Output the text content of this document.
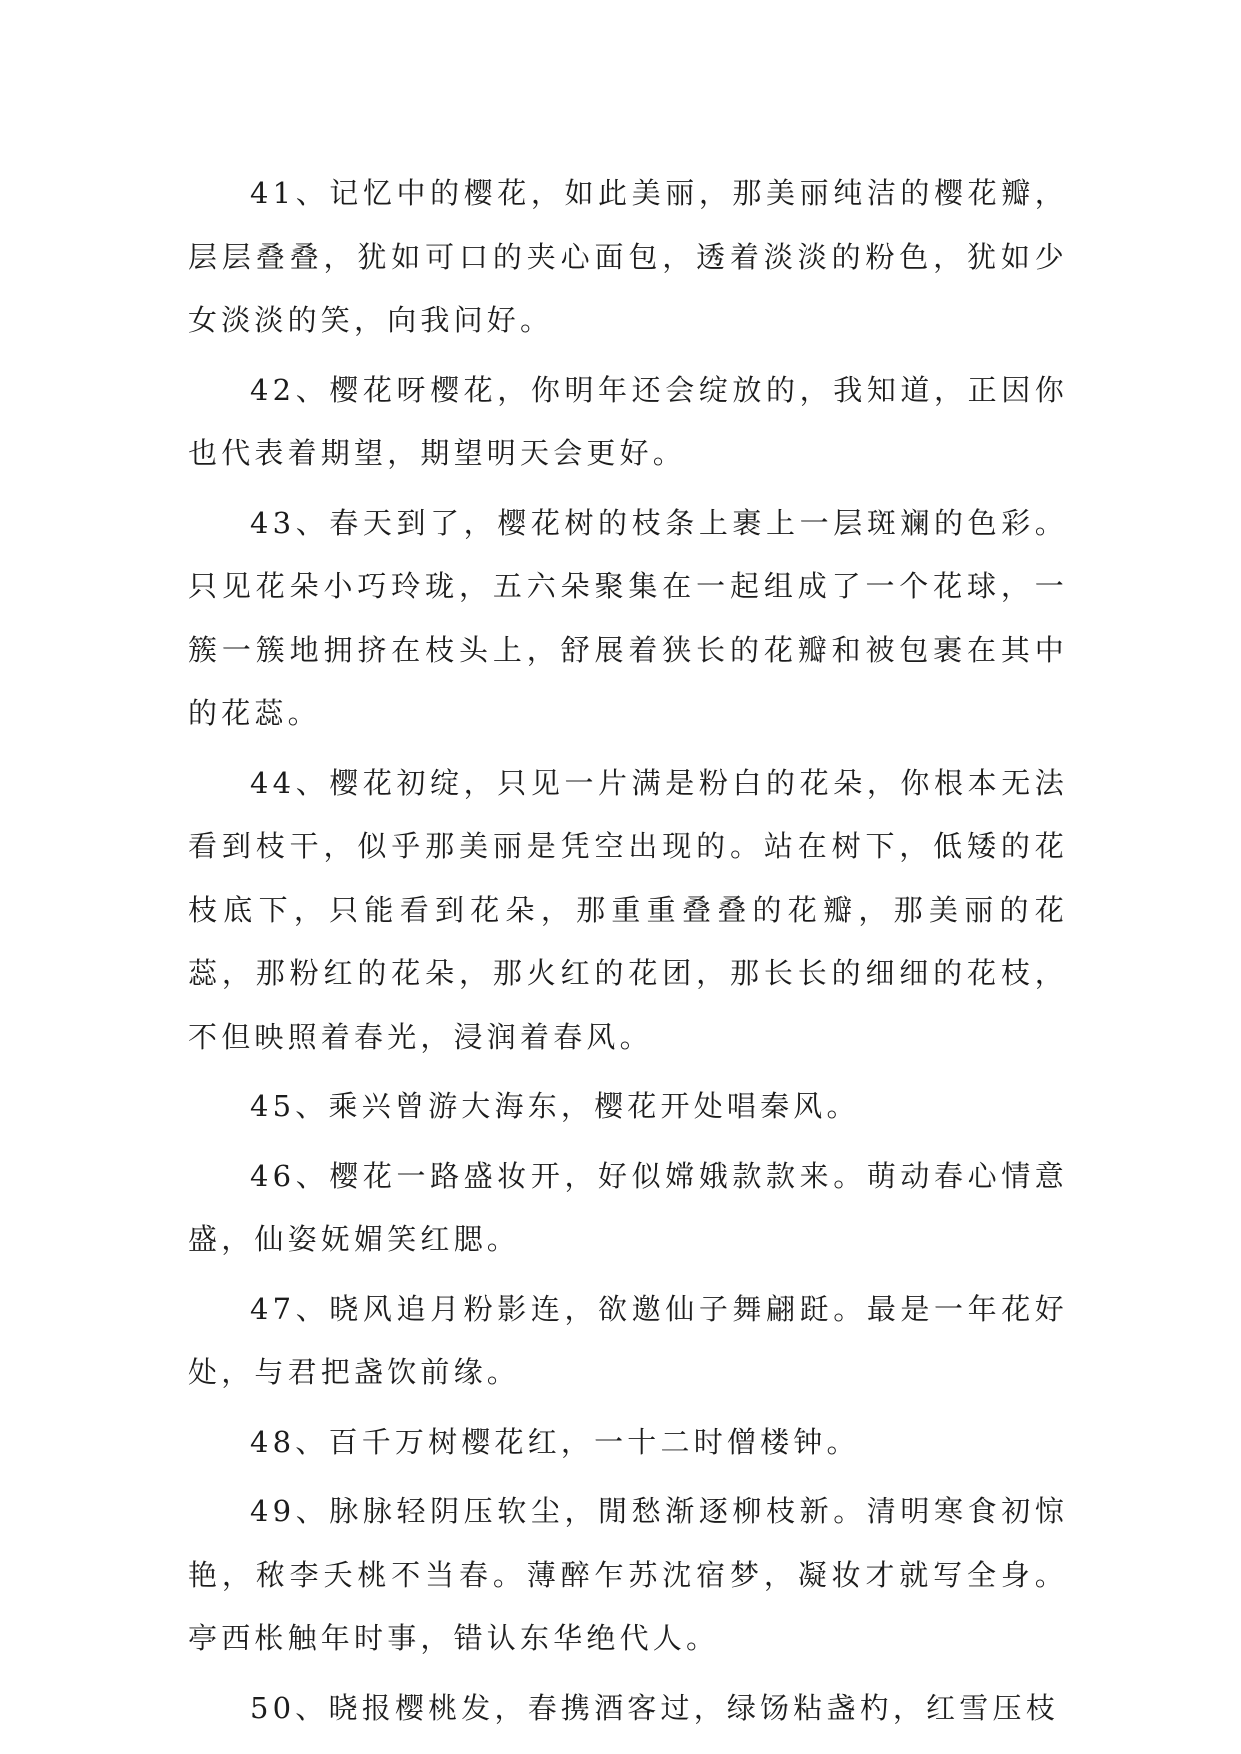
41、记忆中的樱花，如此美丽，那美丽纯洁的樱花瓣，层层叠叠，犹如可口的夹心面包，透着淡淡的粉色，犹如少女淡淡的笑，向我问好。

42、樱花呀樱花，你明年还会绽放的，我知道，正因你也代表着期望，期望明天会更好。

43、春天到了，樱花树的枝条上裹上一层斑斓的色彩。只见花朵小巧玲珑，五六朵聚集在一起组成了一个花球，一簇一簇地拥挤在枝头上，舒展着狭长的花瓣和被包裹在其中的花蕊。

44、樱花初绽，只见一片满是粉白的花朵，你根本无法看到枝干，似乎那美丽是凭空出现的。站在树下，低矮的花枝底下，只能看到花朵，那重重叠叠的花瓣，那美丽的花蕊，那粉红的花朵，那火红的花团，那长长的细细的花枝，不但映照着春光，浸润着春风。

45、乘兴曾游大海东，樱花开处唱秦风。

46、樱花一路盛妆开，好似嫦娥款款来。萌动春心情意盛，仙姿妩媚笑红腮。

47、晓风追月粉影连，欲邀仙子舞翩跹。最是一年花好处，与君把盏饮前缘。

48、百千万树樱花红，一十二时僧楼钟。

49、脉脉轻阴压软尘，閒愁渐逐柳枝新。清明寒食初惊艳，秾李夭桃不当春。薄醉乍苏沈宿梦，凝妆才就写全身。亭西枨触年时事，错认东华绝代人。

50、晓报樱桃发，春携酒客过，绿饧粘盏杓，红雪压枝
